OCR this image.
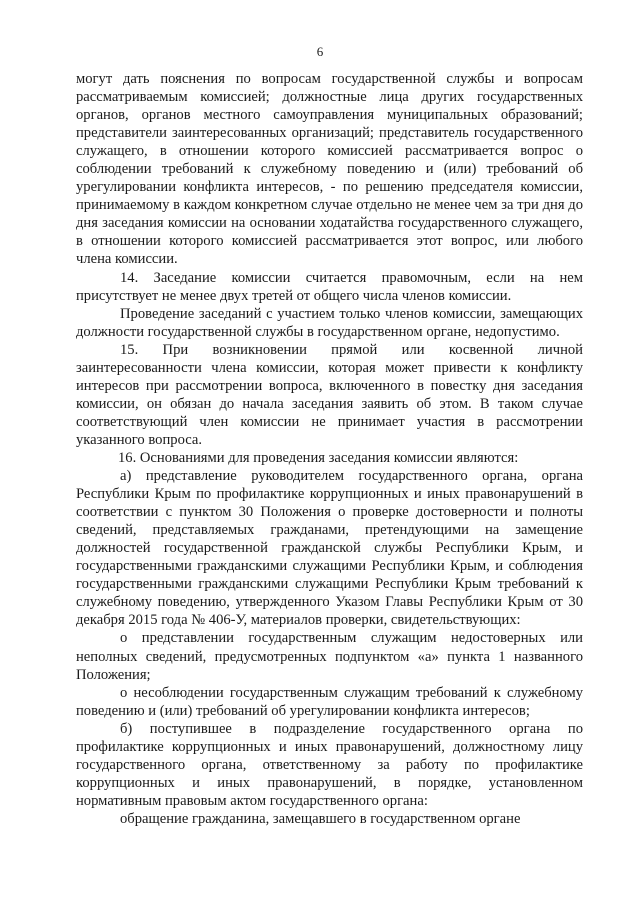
6

могут дать пояснения по вопросам государственной службы и вопросам рассматриваемым комиссией; должностные лица других государственных органов, органов местного самоуправления муниципальных образований; представители заинтересованных организаций; представитель государственного служащего, в отношении которого комиссией рассматривается вопрос о соблюдении требований к служебному поведению и (или) требований об урегулировании конфликта интересов, - по решению председателя комиссии, принимаемому в каждом конкретном случае отдельно не менее чем за три дня до дня заседания комиссии на основании ходатайства государственного служащего, в отношении которого комиссией рассматривается этот вопрос, или любого члена комиссии.

14. Заседание комиссии считается правомочным, если на нем присутствует не менее двух третей от общего числа членов комиссии.

Проведение заседаний с участием только членов комиссии, замещающих должности государственной службы в государственном органе, недопустимо.

15. При возникновении прямой или косвенной личной заинтересованности члена комиссии, которая может привести к конфликту интересов при рассмотрении вопроса, включенного в повестку дня заседания комиссии, он обязан до начала заседания заявить об этом. В таком случае соответствующий член комиссии не принимает участия в рассмотрении указанного вопроса.

16. Основаниями для проведения заседания комиссии являются:

а) представление руководителем государственного органа, органа Республики Крым по профилактике коррупционных и иных правонарушений в соответствии с пунктом 30 Положения о проверке достоверности и полноты сведений, представляемых гражданами, претендующими на замещение должностей государственной гражданской службы Республики Крым, и государственными гражданскими служащими Республики Крым, и соблюдения государственными гражданскими служащими Республики Крым требований к служебному поведению, утвержденного Указом Главы Республики Крым от 30 декабря 2015 года № 406-У, материалов проверки, свидетельствующих:

о представлении государственным служащим недостоверных или неполных сведений, предусмотренных подпунктом «а» пункта 1 названного Положения;

о несоблюдении государственным служащим требований к служебному поведению и (или) требований об урегулировании конфликта интересов;

б) поступившее в подразделение государственного органа по профилактике коррупционных и иных правонарушений, должностному лицу государственного органа, ответственному за работу по профилактике коррупционных и иных правонарушений, в порядке, установленном нормативным правовым актом государственного органа:

обращение гражданина, замещавшего в государственном органе
